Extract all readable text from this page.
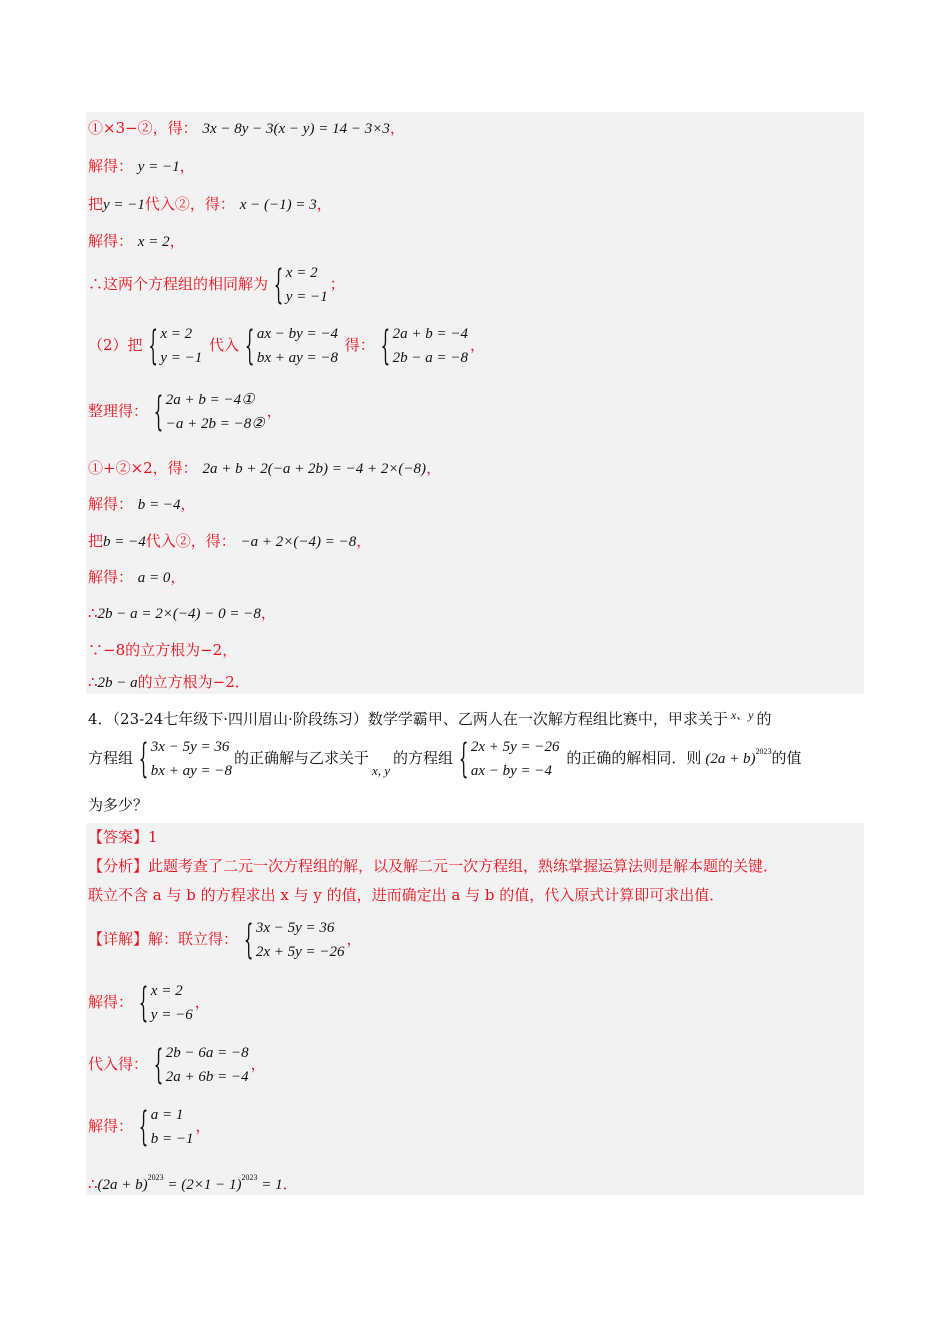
①×3−②，得： 3x − 8y − 3(x − y) = 14 − 3×3，
解得： y = −1，
把y = −1代入②，得： x − (−1) = 3，
解得： x = 2，
∴这两个方程组的相同解为
{ x = 2
y = −1
；
（2）把
{ x = 2
y = −1
代入
{ ax − by = −4
bx + ay = −8
得：
{ 2a + b = −4
2b − a = −8
，
整理得：
{ 2a + b = −4①
−a + 2b = −8②
，
①+②×2，得： 2a + b + 2(−a + 2b) = −4 + 2×(−8)，
解得： b = −4，
把b = −4代入②，得： −a + 2×(−4) = −8，
解得： a = 0，
∴2b − a = 2×(−4) − 0 = −8，
∵−8的立方根为−2，
∴2b − a的立方根为−2．
4．（23-24七年级下·四川眉山·阶段练习）数学学霸甲、乙两人在一次解方程组比赛中，甲求关于 $^{x、y}$ 的
方程组
{ 3x − 5y = 36
bx + ay = −8
的正确解与乙求关于x, y的方程组
{ 2x + 5y = −26
ax − by = −4
的正确的解相同．则 $(2a + b)^{2023}$的值
为多少？
【答案】1
【分析】此题考查了二元一次方程组的解，以及解二元一次方程组，熟练掌握运算法则是解本题的关键．
联立不含 a 与 b 的方程求出 x 与 y 的值，进而确定出 a 与 b 的值，代入原式计算即可求出值．
【详解】解：联立得：
{ 3x − 5y = 36
2x + 5y = −26
，
解得：
{ x = 2
y = −6
，
代入得：
{ 2b − 6a = −8
2a + 6b = −4
，
解得：
{ a = 1
b = −1
，
∴(2a + $b)^{2023} = (2\times 1 - 1)^{2023} = 1$．
